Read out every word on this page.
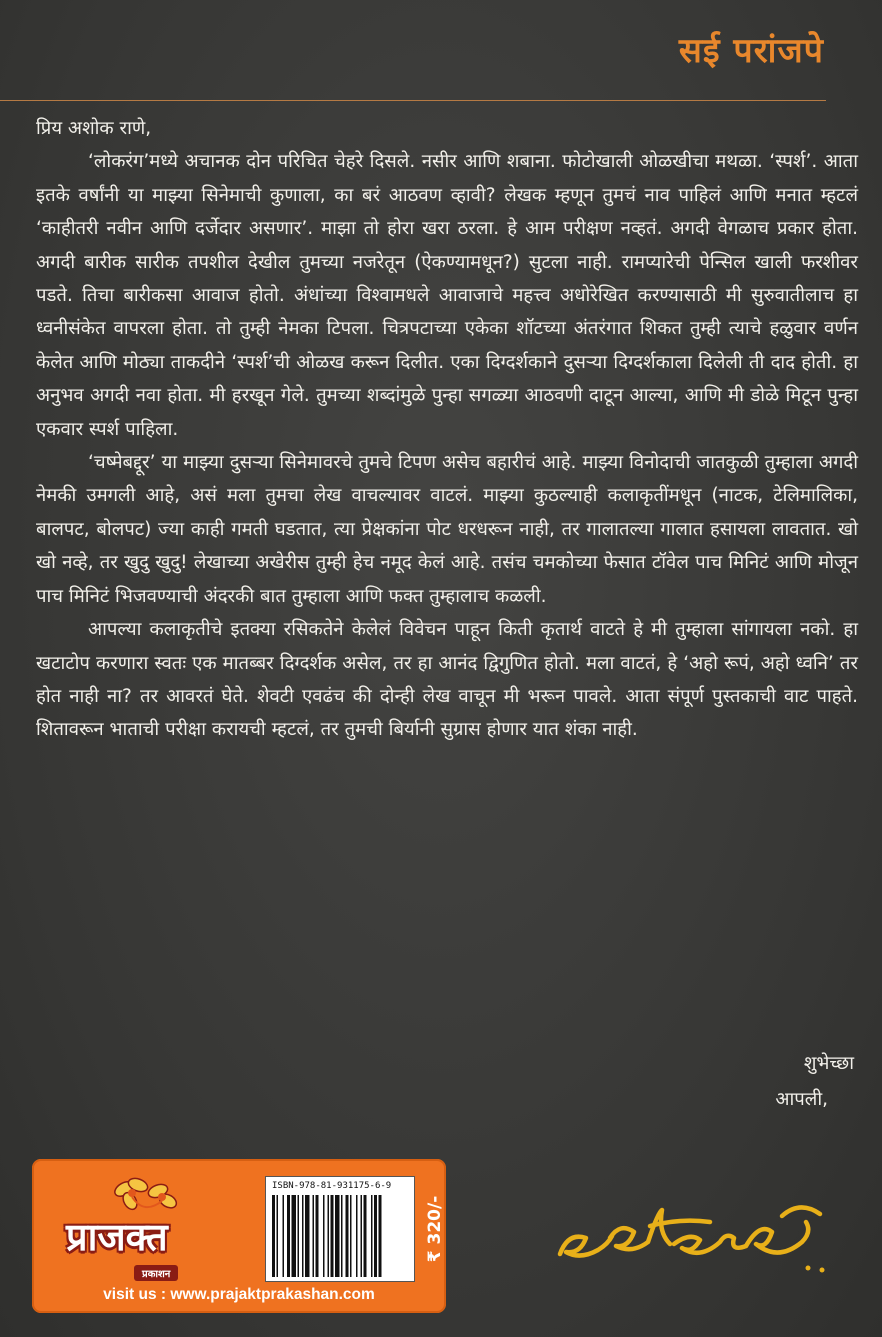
सई परांजपे

प्रिय अशोक राणे,

‘लोकरंग’मध्ये अचानक दोन परिचित चेहरे दिसले. नसीर आणि शबाना. फोटोखाली ओळखीचा मथळा. ‘स्पर्श’. आता इतके वर्षांनी या माझ्या सिनेमाची कुणाला, का बरं आठवण व्हावी? लेखक म्हणून तुमचं नाव पाहिलं आणि मनात म्हटलं ‘काहीतरी नवीन आणि दर्जेदार असणार’. माझा तो होरा खरा ठरला. हे आम परीक्षण नव्हतं. अगदी वेगळाच प्रकार होता. अगदी बारीक सारीक तपशील देखील तुमच्या नजरेतून (ऐकण्यामधून?) सुटला नाही. रामप्यारेची पेन्सिल खाली फरशीवर पडते. तिचा बारीकसा आवाज होतो. अंधांच्या विश्वामधले आवाजाचे महत्त्व अधोरेखित करण्यासाठी मी सुरुवातीलाच हा ध्वनीसंकेत वापरला होता. तो तुम्ही नेमका टिपला. चित्रपटाच्या एकेका शॉटच्या अंतरंगात शिकत तुम्ही त्याचे हळुवार वर्णन केलेत आणि मोठ्या ताकदीने ‘स्पर्श’ची ओळख करून दिलीत. एका दिग्दर्शकाने दुसऱ्या दिग्दर्शकाला दिलेली ती दाद होती. हा अनुभव अगदी नवा होता. मी हरखून गेले. तुमच्या शब्दांमुळे पुन्हा सगळ्या आठवणी दाटून आल्या, आणि मी डोळे मिटून पुन्हा एकवार स्पर्श पाहिला.

‘चष्मेबद्दूर’ या माझ्या दुसऱ्या सिनेमावरचे तुमचे टिपण असेच बहारीचं आहे. माझ्या विनोदाची जातकुळी तुम्हाला अगदी नेमकी उमगली आहे, असं मला तुमचा लेख वाचल्यावर वाटलं. माझ्या कुठल्याही कलाकृतींमधून (नाटक, टेलिमालिका, बालपट, बोलपट) ज्या काही गमती घडतात, त्या प्रेक्षकांना पोट धरधरून नाही, तर गालातल्या गालात हसायला लावतात. खो खो नव्हे, तर खुदु खुदु! लेखाच्या अखेरीस तुम्ही हेच नमूद केलं आहे. तसंच चमकोच्या फेसात टॉवेल पाच मिनिटं आणि मोजून पाच मिनिटं भिजवण्याची अंदरकी बात तुम्हाला आणि फक्त तुम्हालाच कळली.

आपल्या कलाकृतीचे इतक्या रसिकतेने केलेलं विवेचन पाहून किती कृतार्थ वाटते हे मी तुम्हाला सांगायला नको. हा खटाटोप करणारा स्वतः एक मातब्बर दिग्दर्शक असेल, तर हा आनंद द्विगुणित होतो. मला वाटतं, हे ‘अहो रूपं, अहो ध्वनि’ तर होत नाही ना? तर आवरतं घेते. शेवटी एवढंच की दोन्ही लेख वाचून मी भरून पावले. आता संपूर्ण पुस्तकाची वाट पाहते. शितावरून भाताची परीक्षा करायची म्हटलं, तर तुमची बिर्यानी सुग्रास होणार यात शंका नाही.

शुभेच्छा
आपली,
प्राजक्त
प्रकाशन
ISBN-978-81-931175-6-9
₹ 320/-
visit us : www.prajaktprakashan.com
